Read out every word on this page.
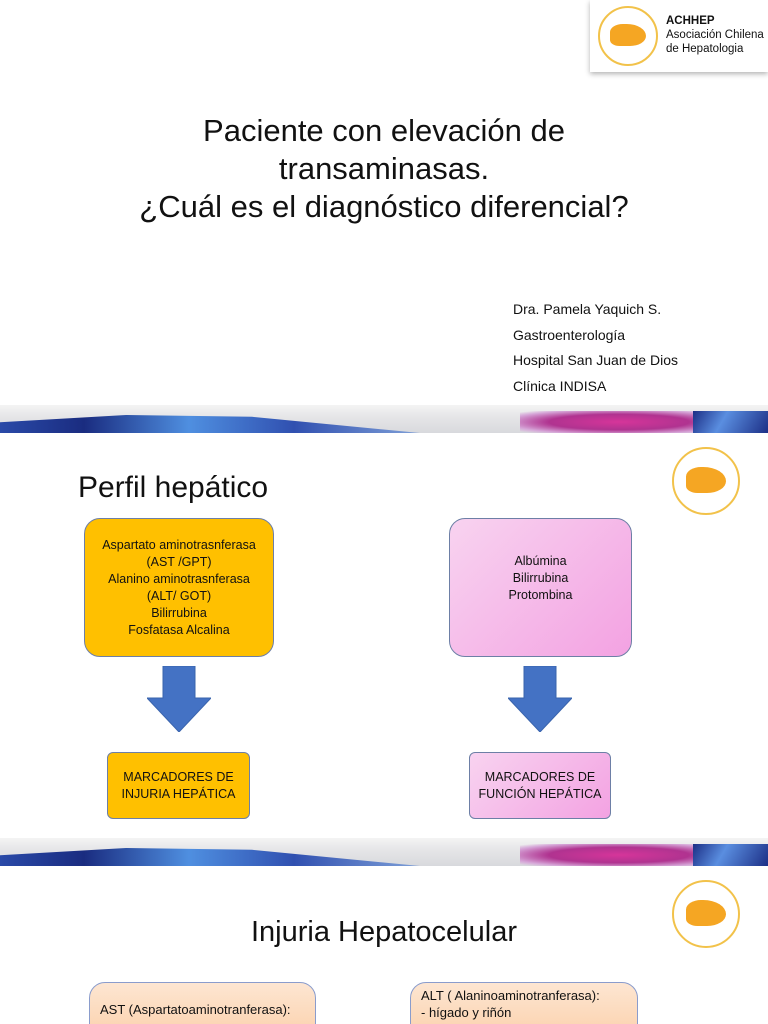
ACHHEP
Asociación Chilena
de Hepatologia
Paciente con elevación de
transaminasas.
¿Cuál es el diagnóstico diferencial?
Dra. Pamela Yaquich S.
Gastroenterología
Hospital San Juan de Dios
Clínica INDISA
Perfil hepático
Aspartato aminotrasnferasa
(AST /GPT)
Alanino aminotrasnferasa
(ALT/ GOT)
Bilirrubina
Fosfatasa Alcalina
Albúmina
Bilirrubina
Protombina
MARCADORES DE
INJURIA HEPÁTICA
MARCADORES DE
FUNCIÓN HEPÁTICA
Injuria Hepatocelular
AST (Aspartatoaminotranferasa):
ALT ( Alaninoaminotranferasa):
- hígado y riñón
